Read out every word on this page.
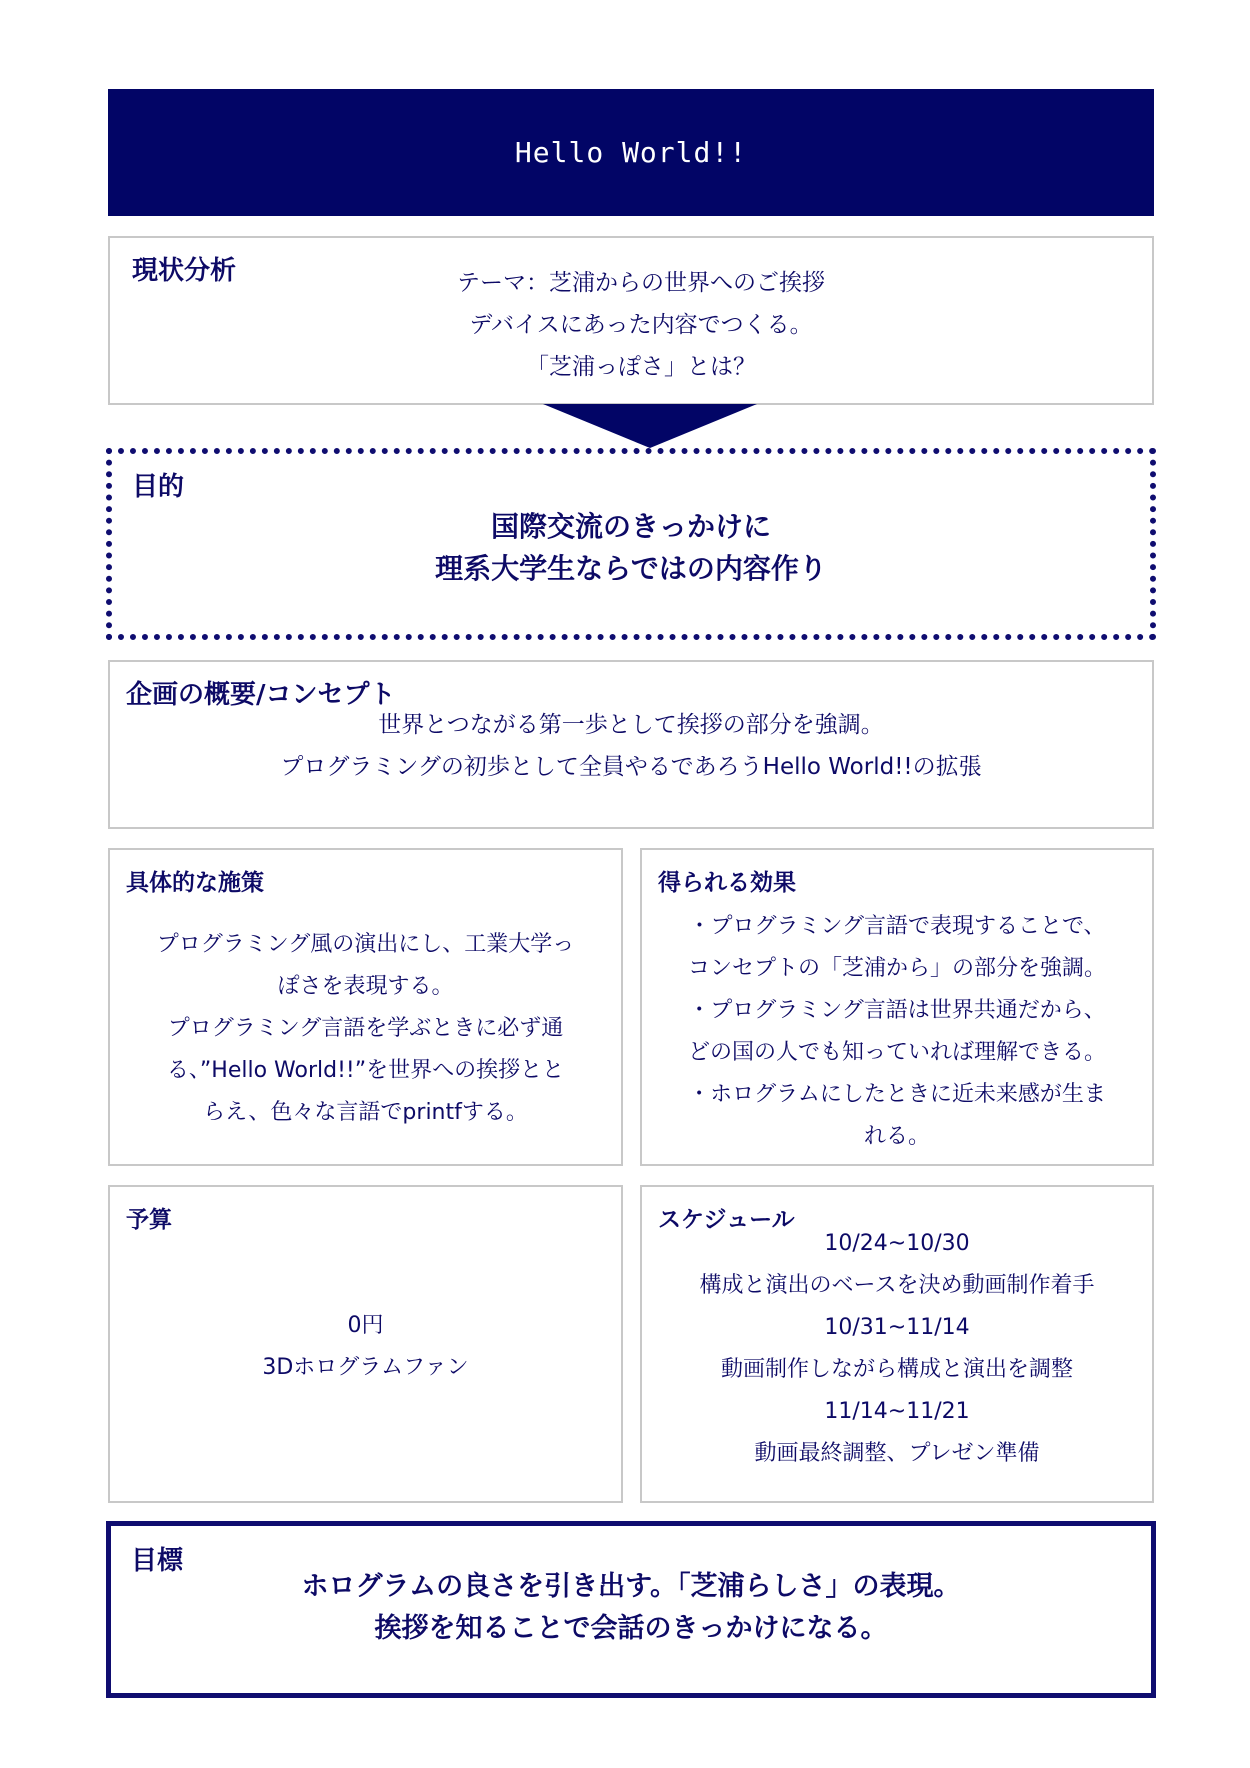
Hello World!!
現状分析	テーマ：芝浦からの世界へのご挨拶
デバイスにあった内容でつくる。
「芝浦っぽさ」とは？
目的
国際交流のきっかけに
理系大学生ならではの内容作り
企画の概要/コンセプト
世界とつながる第一歩として挨拶の部分を強調。
プログラミングの初歩として全員やるであろうHello World!!の拡張
具体的な施策
プログラミング風の演出にし、工業大学っ
ぽさを表現する。
プログラミング言語を学ぶときに必ず通
る、”Hello World!!”を世界への挨拶とと
らえ、色々な言語でprintfする。
得られる効果
・プログラミング言語で表現することで、
コンセプトの「芝浦から」の部分を強調。
・プログラミング言語は世界共通だから、
どの国の人でも知っていれば理解できる。
・ホログラムにしたときに近未来感が生ま
れる。
予算
0円
3Dホログラムファン
スケジュール
10/24~10/30
構成と演出のベースを決め動画制作着手
10/31~11/14
動画制作しながら構成と演出を調整
11/14~11/21
動画最終調整、プレゼン準備
目標
ホログラムの良さを引き出す。「芝浦らしさ」の表現。
挨拶を知ることで会話のきっかけになる。
